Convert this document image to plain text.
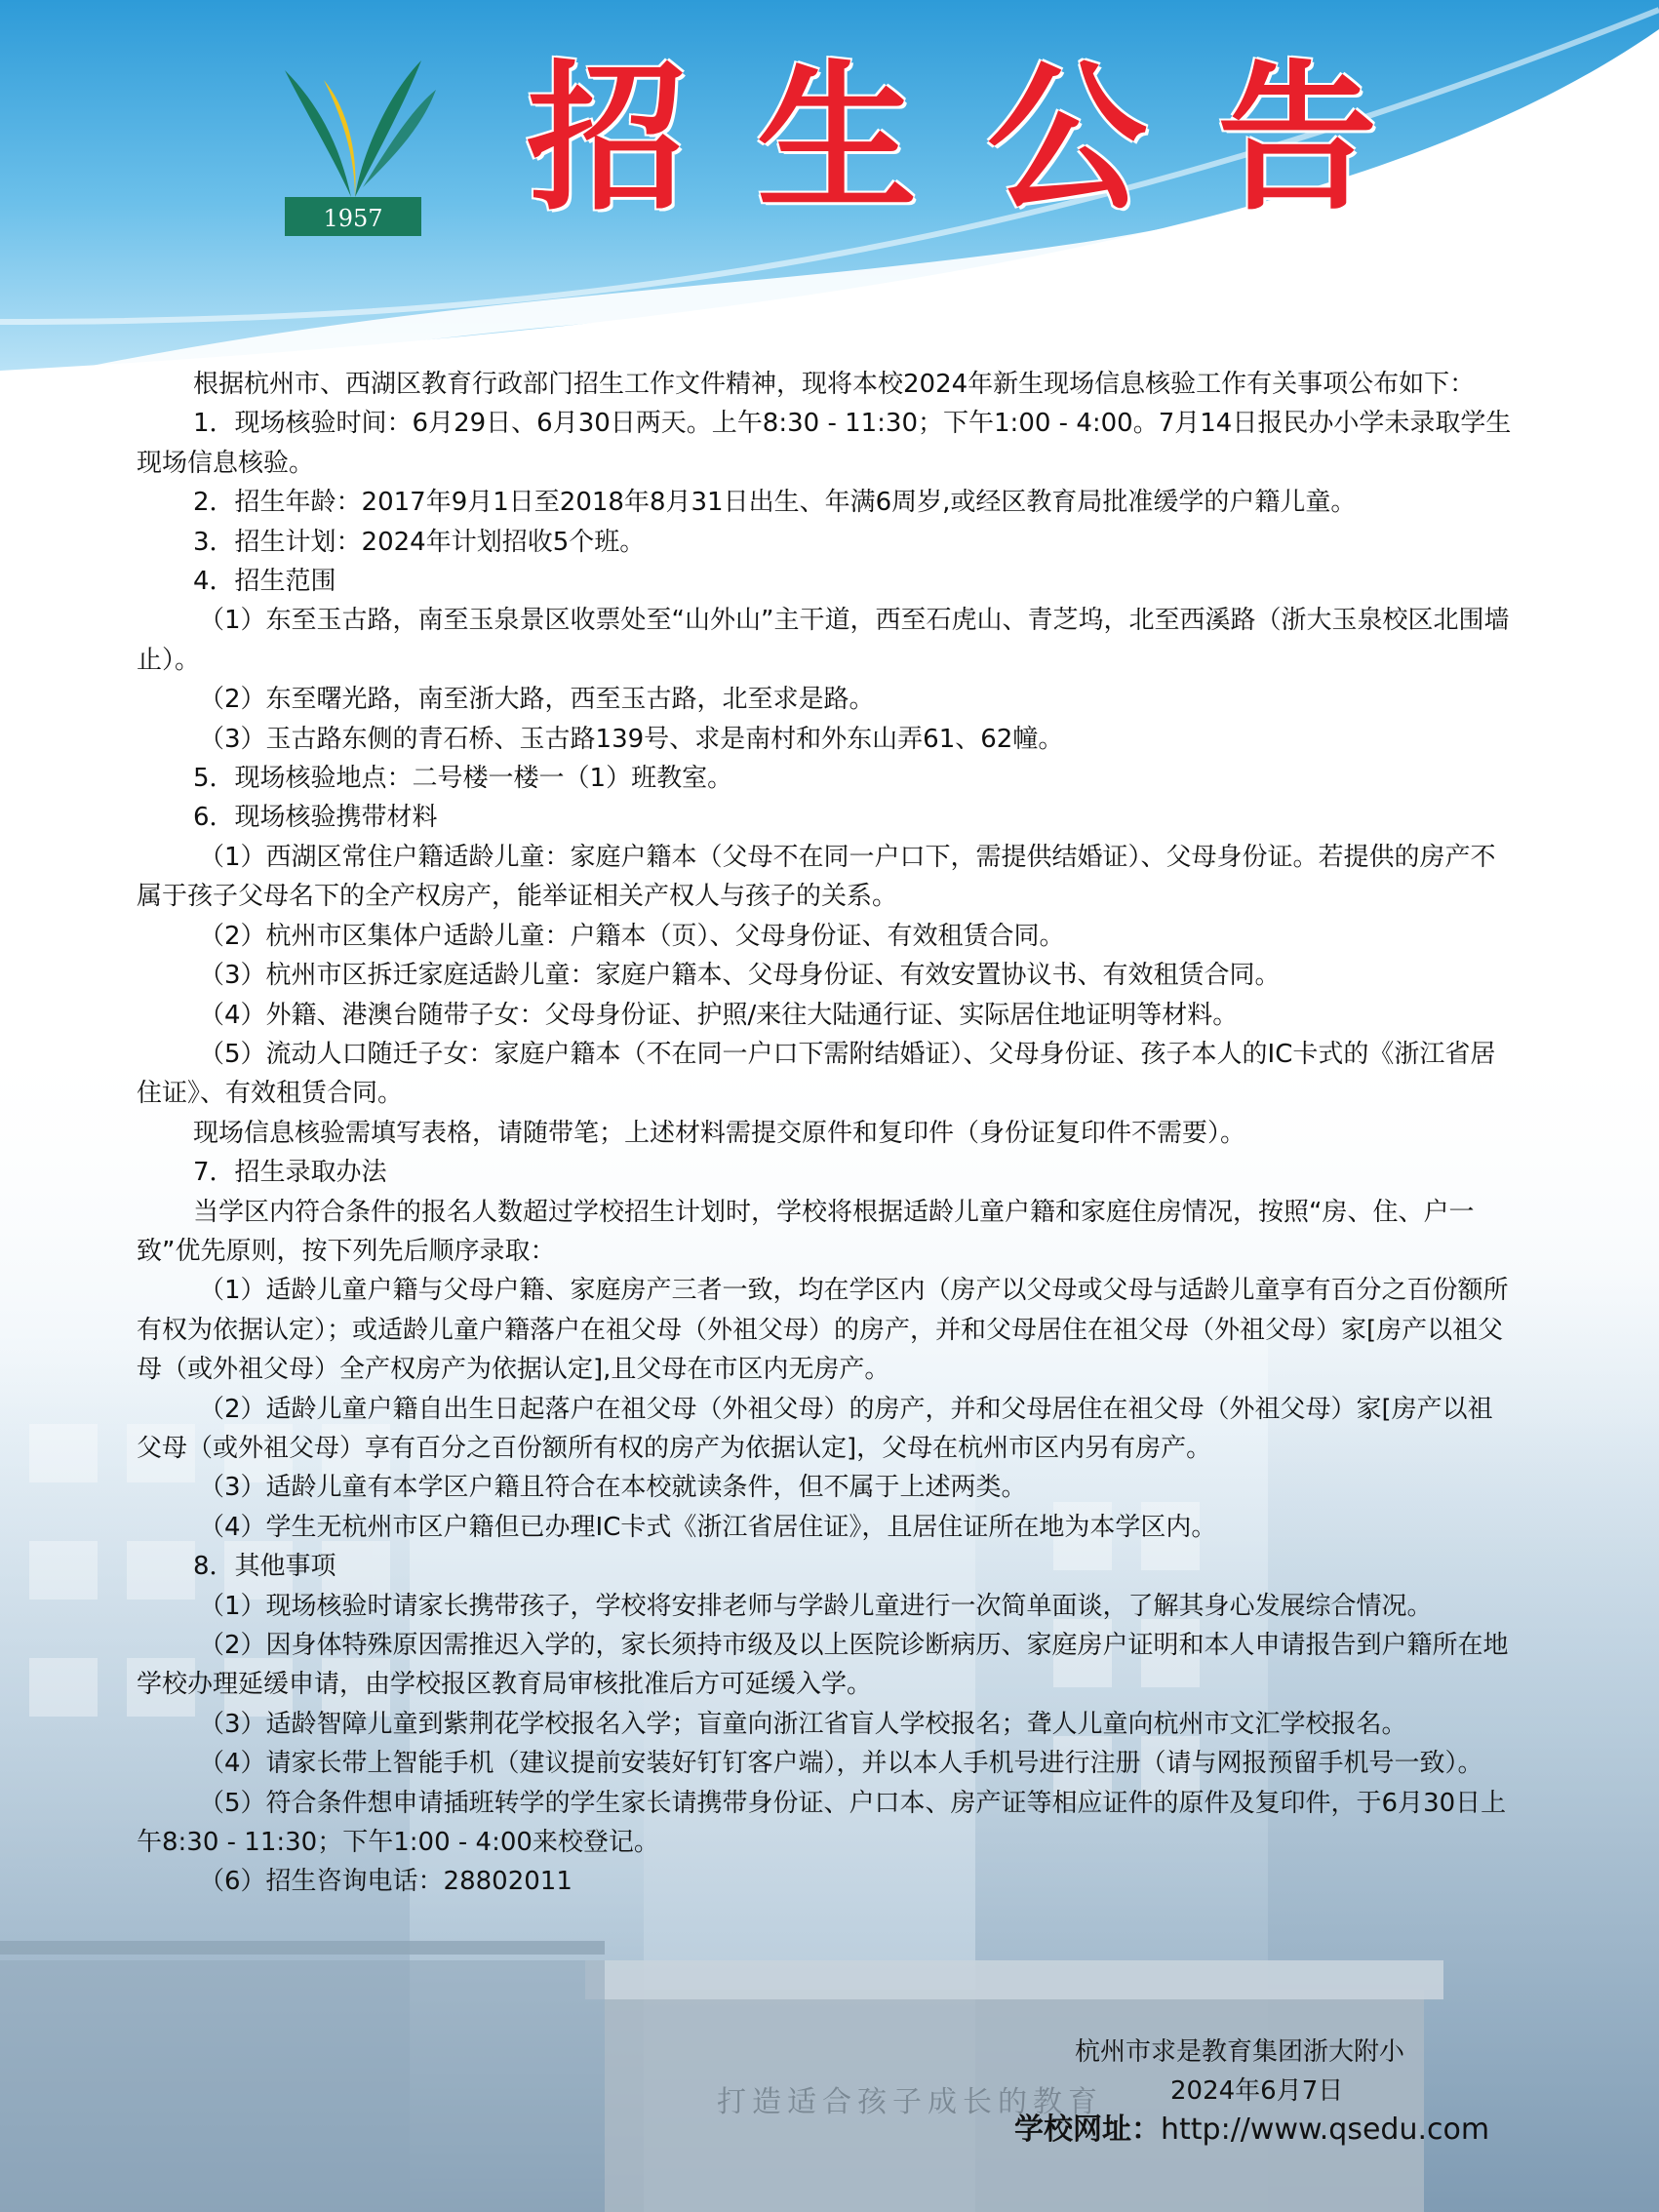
打造适合孩子成长的教育
1957 招生公告

根据杭州市、西湖区教育行政部门招生工作文件精神，现将本校2024年新生现场信息核验工作有关事项公布如下：

1．现场核验时间：6月29日、6月30日两天。上午8:30 - 11:30；下午1:00 - 4:00。7月14日报民办小学未录取学生现场信息核验。

2．招生年龄：2017年9月1日至2018年8月31日出生、年满6周岁,或经区教育局批准缓学的户籍儿童。

3．招生计划：2024年计划招收5个班。

4．招生范围

（1）东至玉古路，南至玉泉景区收票处至“山外山”主干道，西至石虎山、青芝坞，北至西溪路（浙大玉泉校区北围墙止）。

（2）东至曙光路，南至浙大路，西至玉古路，北至求是路。

（3）玉古路东侧的青石桥、玉古路139号、求是南村和外东山弄61、62幢。

5．现场核验地点：二号楼一楼一（1）班教室。

6．现场核验携带材料

（1）西湖区常住户籍适龄儿童：家庭户籍本（父母不在同一户口下，需提供结婚证）、父母身份证。若提供的房产不属于孩子父母名下的全产权房产，能举证相关产权人与孩子的关系。

（2）杭州市区集体户适龄儿童：户籍本（页）、父母身份证、有效租赁合同。

（3）杭州市区拆迁家庭适龄儿童：家庭户籍本、父母身份证、有效安置协议书、有效租赁合同。

（4）外籍、港澳台随带子女：父母身份证、护照/来往大陆通行证、实际居住地证明等材料。

（5）流动人口随迁子女：家庭户籍本（不在同一户口下需附结婚证）、父母身份证、孩子本人的IC卡式的《浙江省居住证》、有效租赁合同。

现场信息核验需填写表格，请随带笔；上述材料需提交原件和复印件（身份证复印件不需要）。

7．招生录取办法

当学区内符合条件的报名人数超过学校招生计划时，学校将根据适龄儿童户籍和家庭住房情况，按照“房、住、户一致”优先原则，按下列先后顺序录取：

（1）适龄儿童户籍与父母户籍、家庭房产三者一致，均在学区内（房产以父母或父母与适龄儿童享有百分之百份额所有权为依据认定）；或适龄儿童户籍落户在祖父母（外祖父母）的房产，并和父母居住在祖父母（外祖父母）家[房产以祖父母（或外祖父母）全产权房产为依据认定],且父母在市区内无房产。

（2）适龄儿童户籍自出生日起落户在祖父母（外祖父母）的房产，并和父母居住在祖父母（外祖父母）家[房产以祖父母（或外祖父母）享有百分之百份额所有权的房产为依据认定]，父母在杭州市区内另有房产。

（3）适龄儿童有本学区户籍且符合在本校就读条件，但不属于上述两类。

（4）学生无杭州市区户籍但已办理IC卡式《浙江省居住证》，且居住证所在地为本学区内。

8．其他事项

（1）现场核验时请家长携带孩子，学校将安排老师与学龄儿童进行一次简单面谈，了解其身心发展综合情况。

（2）因身体特殊原因需推迟入学的，家长须持市级及以上医院诊断病历、家庭房户证明和本人申请报告到户籍所在地学校办理延缓申请，由学校报区教育局审核批准后方可延缓入学。

（3）适龄智障儿童到紫荆花学校报名入学；盲童向浙江省盲人学校报名；聋人儿童向杭州市文汇学校报名。

（4）请家长带上智能手机（建议提前安装好钉钉客户端），并以本人手机号进行注册（请与网报预留手机号一致）。

（5）符合条件想申请插班转学的学生家长请携带身份证、户口本、房产证等相应证件的原件及复印件，于6月30日上午8:30 - 11:30；下午1:00 - 4:00来校登记。

（6）招生咨询电话：28802011

杭州市求是教育集团浙大附小
2024年6月7日
学校网址：http://www.qsedu.com
